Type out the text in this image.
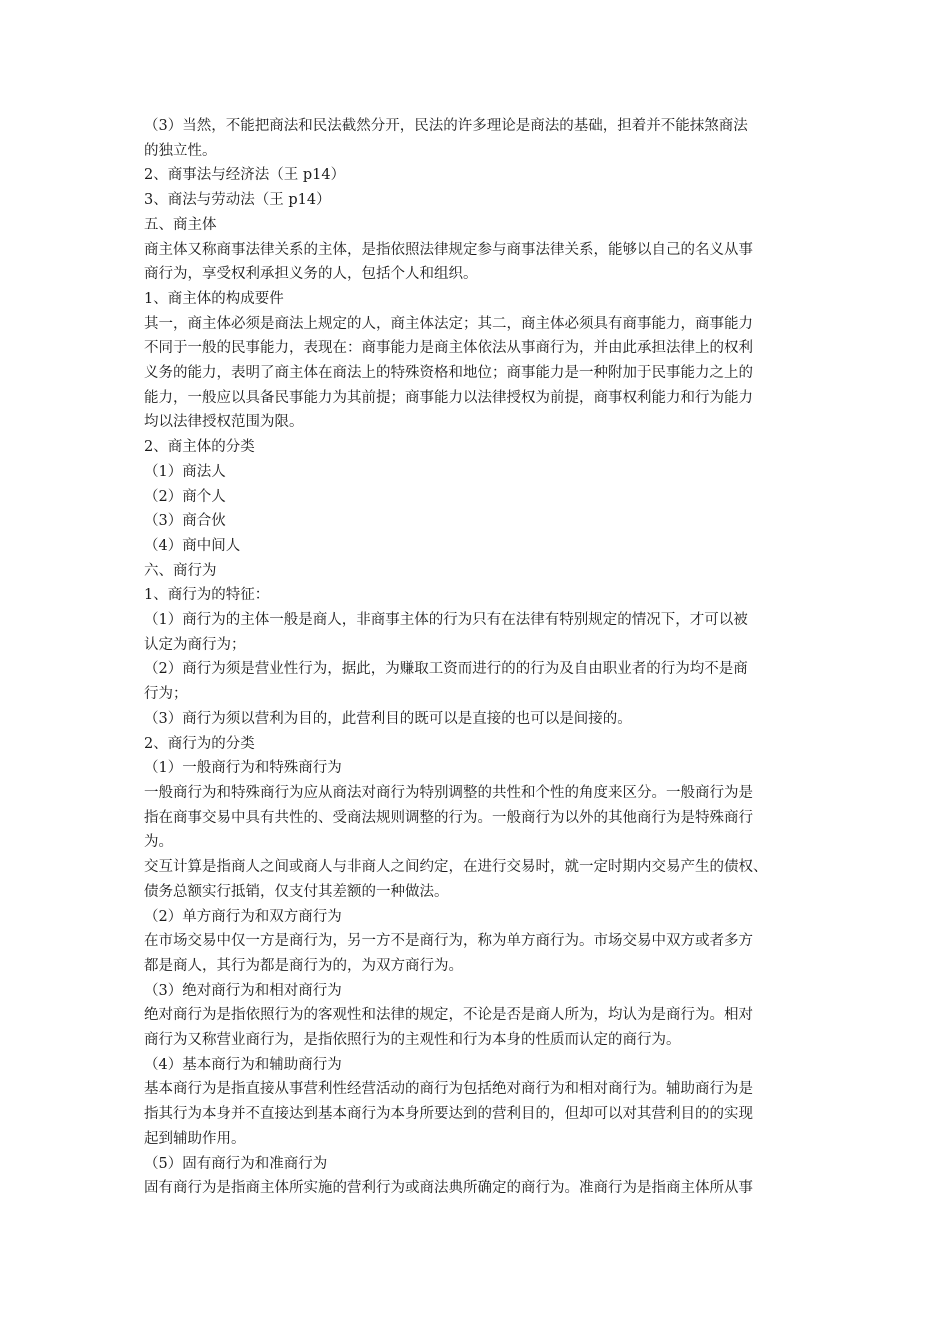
（3）当然，不能把商法和民法截然分开，民法的许多理论是商法的基础，担着并不能抹煞商法
的独立性。
2、商事法与经济法（王 p14）
3、商法与劳动法（王 p14）
五、商主体
商主体又称商事法律关系的主体，是指依照法律规定参与商事法律关系，能够以自己的名义从事
商行为，享受权利承担义务的人，包括个人和组织。
1、商主体的构成要件
其一，商主体必须是商法上规定的人，商主体法定；其二，商主体必须具有商事能力，商事能力
不同于一般的民事能力，表现在：商事能力是商主体依法从事商行为，并由此承担法律上的权利
义务的能力，表明了商主体在商法上的特殊资格和地位；商事能力是一种附加于民事能力之上的
能力，一般应以具备民事能力为其前提；商事能力以法律授权为前提，商事权利能力和行为能力
均以法律授权范围为限。
2、商主体的分类
（1）商法人
（2）商个人
（3）商合伙
（4）商中间人
六、商行为
1、商行为的特征：
（1）商行为的主体一般是商人，非商事主体的行为只有在法律有特别规定的情况下，才可以被
认定为商行为；
（2）商行为须是营业性行为，据此，为赚取工资而进行的的行为及自由职业者的行为均不是商
行为；
（3）商行为须以营利为目的，此营利目的既可以是直接的也可以是间接的。
2、商行为的分类
（1）一般商行为和特殊商行为
一般商行为和特殊商行为应从商法对商行为特别调整的共性和个性的角度来区分。一般商行为是
指在商事交易中具有共性的、受商法规则调整的行为。一般商行为以外的其他商行为是特殊商行
为。
交互计算是指商人之间或商人与非商人之间约定，在进行交易时，就一定时期内交易产生的债权、
债务总额实行抵销，仅支付其差额的一种做法。
（2）单方商行为和双方商行为
在市场交易中仅一方是商行为，另一方不是商行为，称为单方商行为。市场交易中双方或者多方
都是商人，其行为都是商行为的，为双方商行为。
（3）绝对商行为和相对商行为
绝对商行为是指依照行为的客观性和法律的规定，不论是否是商人所为，均认为是商行为。相对
商行为又称营业商行为，是指依照行为的主观性和行为本身的性质而认定的商行为。
（4）基本商行为和辅助商行为
基本商行为是指直接从事营利性经营活动的商行为包括绝对商行为和相对商行为。辅助商行为是
指其行为本身并不直接达到基本商行为本身所要达到的营利目的，但却可以对其营利目的的实现
起到辅助作用。
（5）固有商行为和准商行为
固有商行为是指商主体所实施的营利行为或商法典所确定的商行为。准商行为是指商主体所从事
